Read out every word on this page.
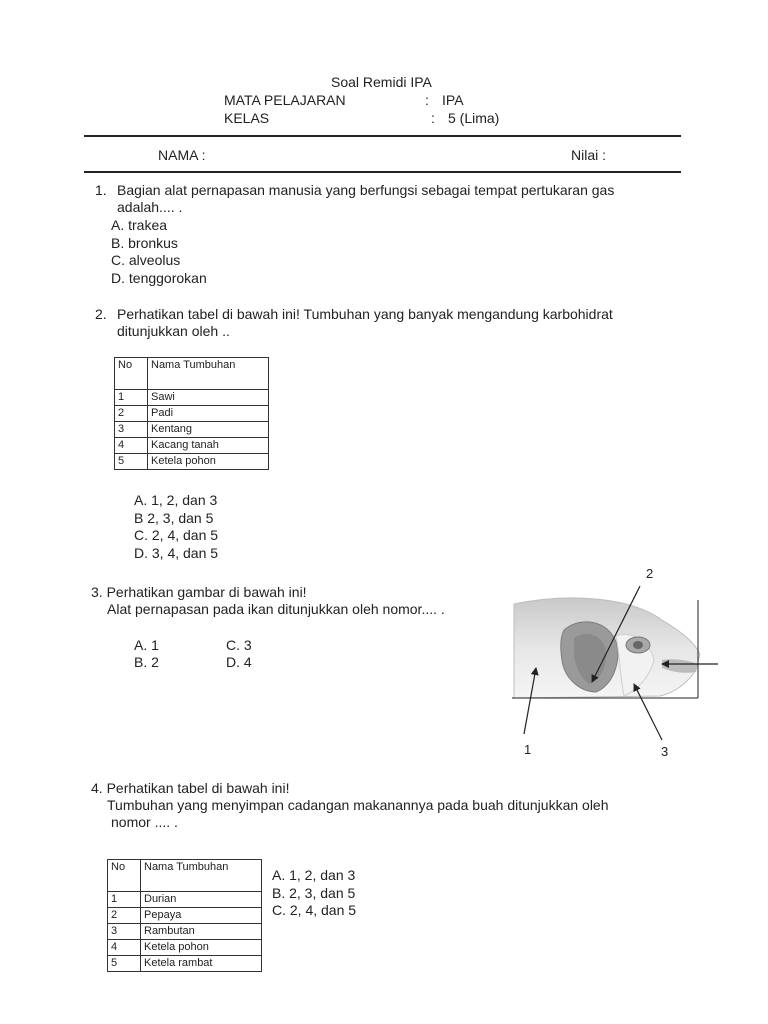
Soal Remidi IPA
MATA PELAJARAN	: IPA
KELAS	: 5 (Lima)
NAMA :	Nilai :
1. Bagian alat pernapasan manusia yang berfungsi sebagai tempat pertukaran gas
adalah.... .
A. trakea
B. bronkus
C. alveolus
D. tenggorokan
2. Perhatikan tabel di bawah ini! Tumbuhan yang banyak mengandung karbohidrat
ditunjukkan oleh ..
No	Nama Tumbuhan
1	Sawi
2	Padi
3	Kentang
4	Kacang tanah
5	Ketela pohon
A. 1, 2, dan 3
B 2, 3, dan 5
C. 2, 4, dan 5
D. 3, 4, dan 5
3. Perhatikan gambar di bawah ini!
Alat pernapasan pada ikan ditunjukkan oleh nomor.... .
A. 1	C. 3
B. 2	D. 4
2
1	3
4. Perhatikan tabel di bawah ini!
Tumbuhan yang menyimpan cadangan makanannya pada buah ditunjukkan oleh
nomor .... .
No	Nama Tumbuhan
1	Durian
2	Pepaya
3	Rambutan
4	Ketela pohon
5	Ketela rambat
A. 1, 2, dan 3
B. 2, 3, dan 5
C. 2, 4, dan 5
